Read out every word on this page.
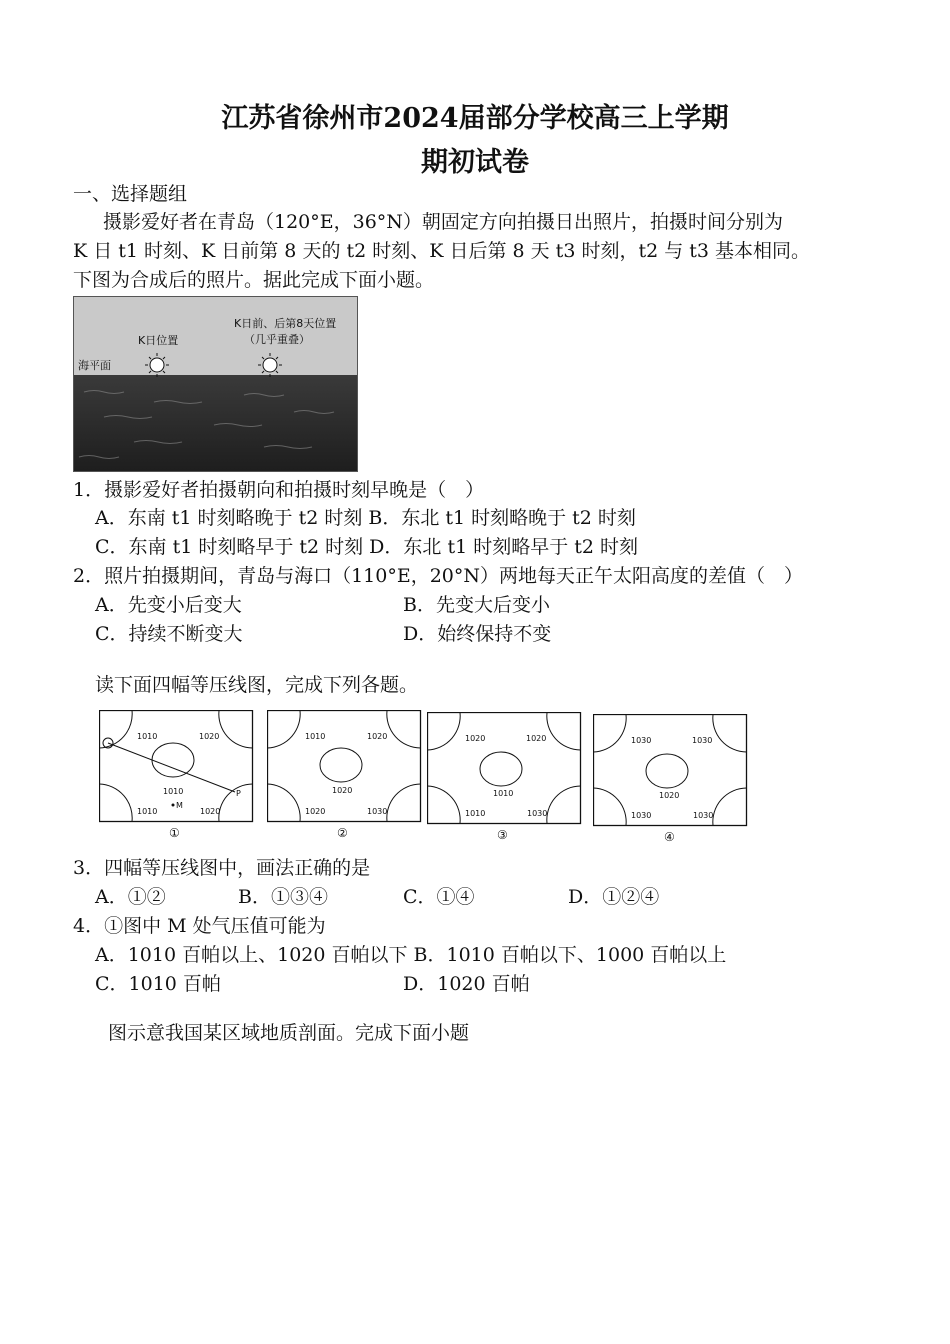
江苏省徐州市2024届部分学校高三上学期
期初试卷
一、选择题组
摄影爱好者在青岛（120°E，36°N）朝固定方向拍摄日出照片，拍摄时间分别为
K 日 t1 时刻、K 日前第 8 天的 t2 时刻、K 日后第 8 天 t3 时刻，t2 与 t3 基本相同。
下图为合成后的照片。据此完成下面小题。
海平面
K日位置
K日前、后第8天位置
（几乎重叠）
1．摄影爱好者拍摄朝向和拍摄时刻早晚是（　）
A．东南 t1 时刻略晚于 t2 时刻 B．东北 t1 时刻略晚于 t2 时刻
C．东南 t1 时刻略早于 t2 时刻 D．东北 t1 时刻略早于 t2 时刻
2．照片拍摄期间，青岛与海口（110°E，20°N）两地每天正午太阳高度的差值（　）
A．先变小后变大	B．先变大后变小
C．持续不断变大	D．始终保持不变
读下面四幅等压线图，完成下列各题。
1010	1020
1010
1010	1020
M
P
①
1010	1020
1020
1020	1030
②
1020	1020
1010
1010	1030
③
1030	1030
1020
1030	1030
④
3．四幅等压线图中，画法正确的是
A．①②	B．①③④	C．①④	D．①②④
4．①图中 M 处气压值可能为
A．1010 百帕以上、1020 百帕以下 B．1010 百帕以下、1000 百帕以上
C．1010 百帕	D．1020 百帕
图示意我国某区域地质剖面。完成下面小题
